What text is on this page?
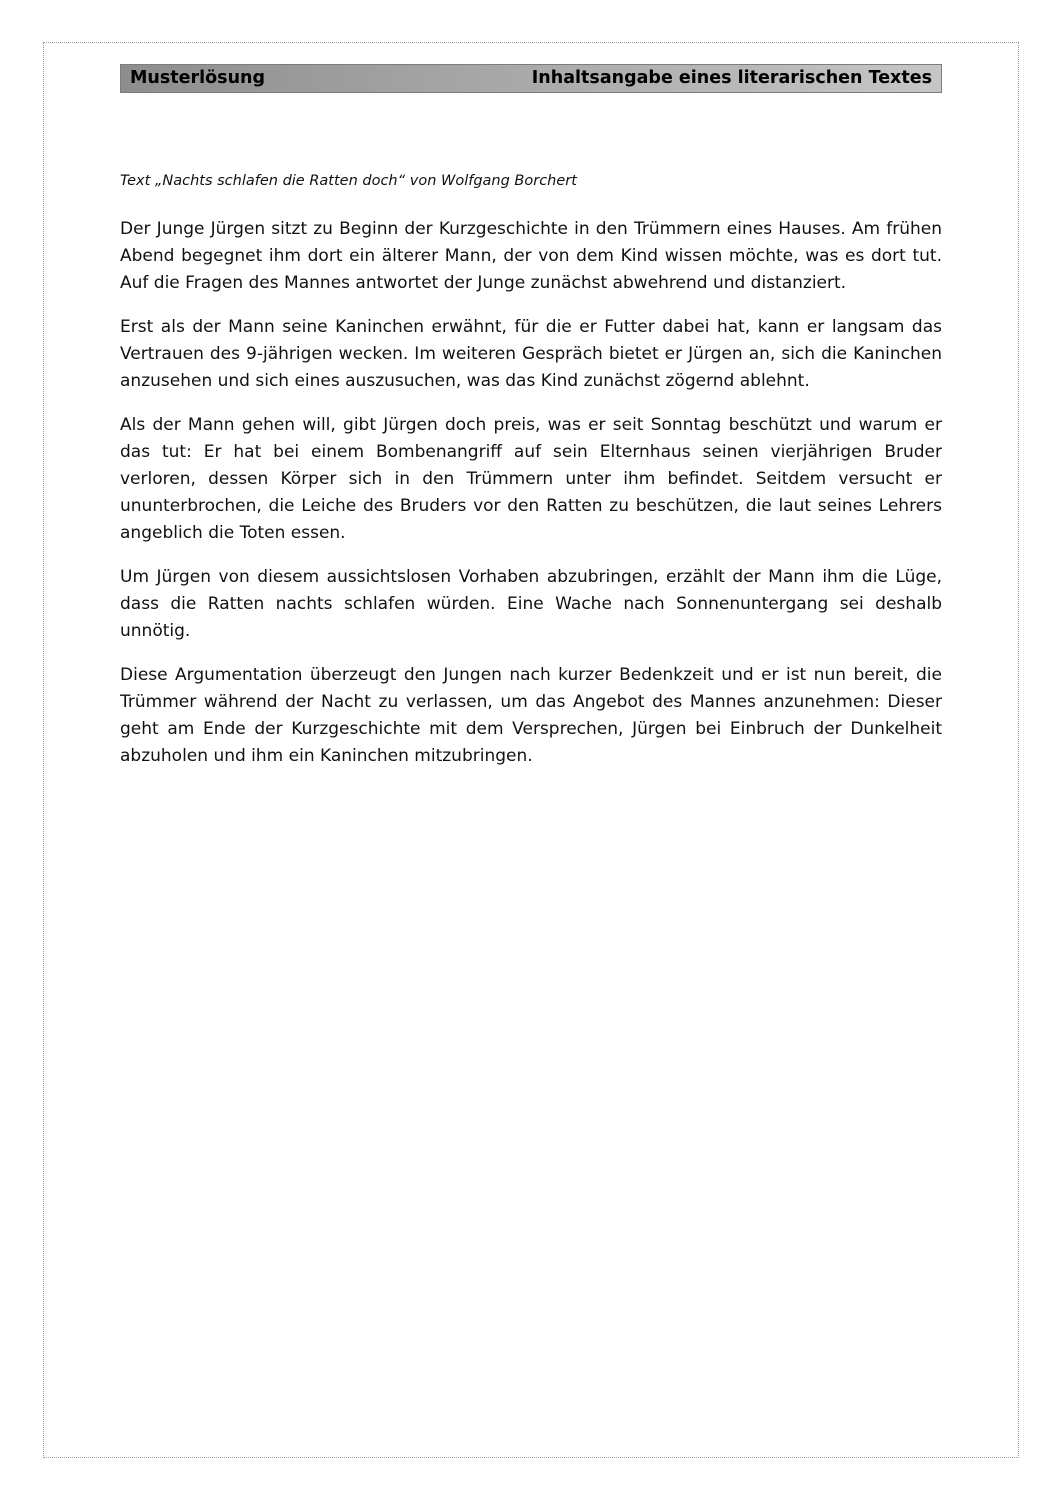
Musterlösung	Inhaltsangabe eines literarischen Textes
Text „Nachts schlafen die Ratten doch“ von Wolfgang Borchert

Der Junge Jürgen sitzt zu Beginn der Kurzgeschichte in den Trümmern eines Hauses. Am frühen Abend begegnet ihm dort ein älterer Mann, der von dem Kind wissen möchte, was es dort tut. Auf die Fragen des Mannes antwortet der Junge zunächst abwehrend und distanziert.

Erst als der Mann seine Kaninchen erwähnt, für die er Futter dabei hat, kann er langsam das Vertrauen des 9-jährigen wecken. Im weiteren Gespräch bietet er Jürgen an, sich die Kaninchen anzusehen und sich eines auszusuchen, was das Kind zunächst zögernd ablehnt.

Als der Mann gehen will, gibt Jürgen doch preis, was er seit Sonntag beschützt und warum er das tut: Er hat bei einem Bombenangriff auf sein Elternhaus seinen vierjährigen Bruder verloren, dessen Körper sich in den Trümmern unter ihm befindet. Seitdem versucht er ununterbrochen, die Leiche des Bruders vor den Ratten zu beschützen, die laut seines Lehrers angeblich die Toten essen.

Um Jürgen von diesem aussichtslosen Vorhaben abzubringen, erzählt der Mann ihm die Lüge, dass die Ratten nachts schlafen würden. Eine Wache nach Sonnenuntergang sei deshalb unnötig.

Diese Argumentation überzeugt den Jungen nach kurzer Bedenkzeit und er ist nun bereit, die Trümmer während der Nacht zu verlassen, um das Angebot des Mannes anzunehmen: Dieser geht am Ende der Kurzgeschichte mit dem Versprechen, Jürgen bei Einbruch der Dunkelheit abzuholen und ihm ein Kaninchen mitzubringen.
